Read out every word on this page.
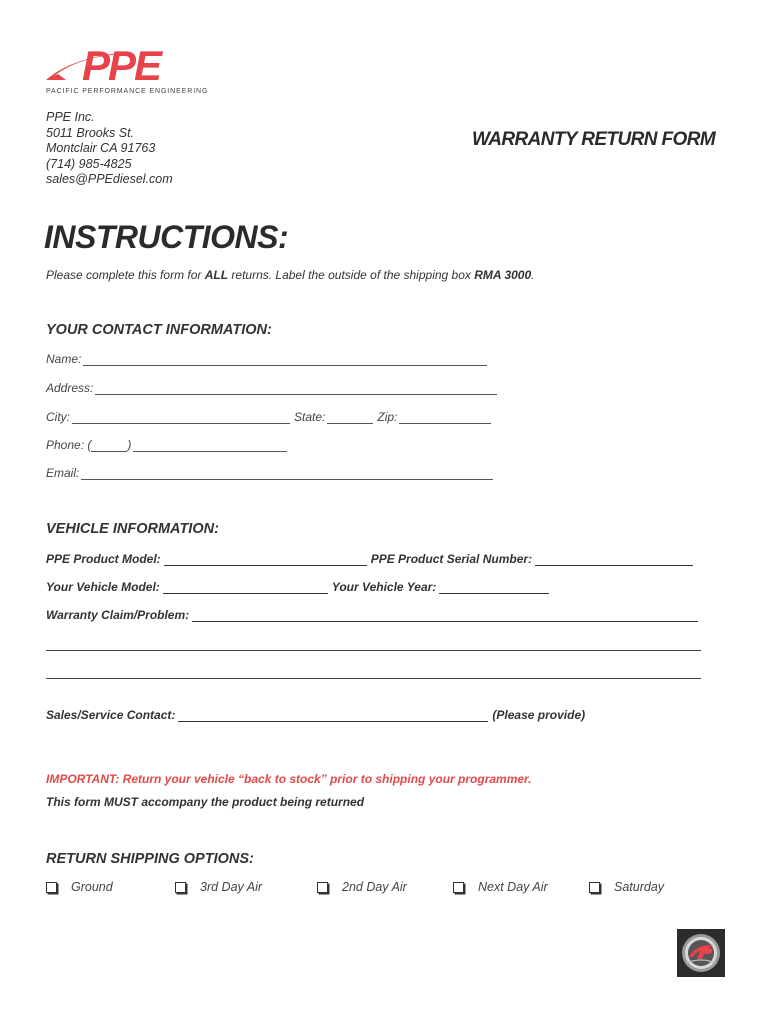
PPE
PACIFIC PERFORMANCE ENGINEERING
PPE Inc.
5011 Brooks St.
Montclair CA 91763
(714) 985-4825
sales@PPEdiesel.com
WARRANTY RETURN FORM
INSTRUCTIONS:
Please complete this form for ALL returns. Label the outside of the shipping box RMA 3000.
YOUR CONTACT INFORMATION:
Name:
Address:
City:	State:	Zip:
Phone: (	)
Email:
VEHICLE INFORMATION:
PPE Product Model:	PPE Product Serial Number:
Your Vehicle Model:	Your Vehicle Year:
Warranty Claim/Problem:
Sales/Service Contact:	(Please provide)
IMPORTANT: Return your vehicle “back to stock” prior to shipping your programmer.
This form MUST accompany the product being returned
RETURN SHIPPING OPTIONS:
Ground	3rd Day Air	2nd Day Air	Next Day Air	Saturday
